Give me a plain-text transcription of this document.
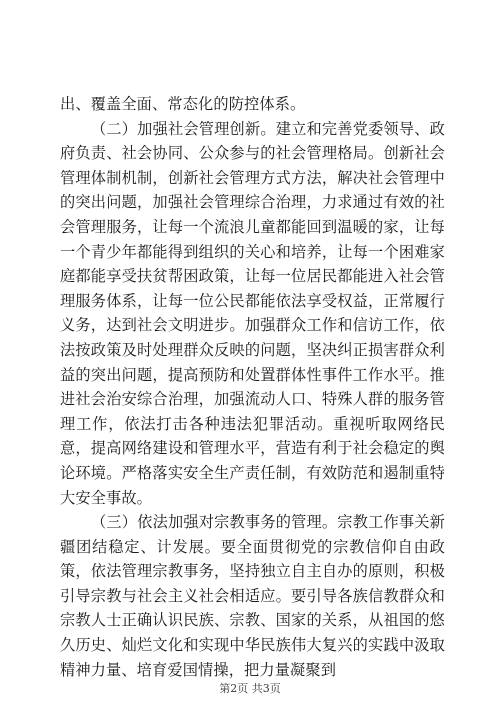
出、覆盖全面、常态化的防控体系。

（二）加强社会管理创新。建立和完善党委领导、政府负责、社会协同、公众参与的社会管理格局。创新社会管理体制机制，创新社会管理方式方法，解决社会管理中的突出问题，加强社会管理综合治理，力求通过有效的社会管理服务，让每一个流浪儿童都能回到温暖的家，让每一个青少年都能得到组织的关心和培养，让每一个困难家庭都能享受扶贫帮困政策，让每一位居民都能进入社会管理服务体系，让每一位公民都能依法享受权益，正常履行义务，达到社会文明进步。加强群众工作和信访工作，依法按政策及时处理群众反映的问题，坚决纠正损害群众利益的突出问题，提高预防和处置群体性事件工作水平。推进社会治安综合治理，加强流动人口、特殊人群的服务管理工作，依法打击各种违法犯罪活动。重视听取网络民意，提高网络建设和管理水平，营造有利于社会稳定的舆论环境。严格落实安全生产责任制，有效防范和遏制重特大安全事故。

（三）依法加强对宗教事务的管理。宗教工作事关新疆团结稳定、计发展。要全面贯彻党的宗教信仰自由政策，依法管理宗教事务，坚持独立自主自办的原则，积极引导宗教与社会主义社会相适应。要引导各族信教群众和宗教人士正确认识民族、宗教、国家的关系，从祖国的悠久历史、灿烂文化和实现中华民族伟大复兴的实践中汲取精神力量、培育爱国情操，把力量凝聚到

第2页 共3页
